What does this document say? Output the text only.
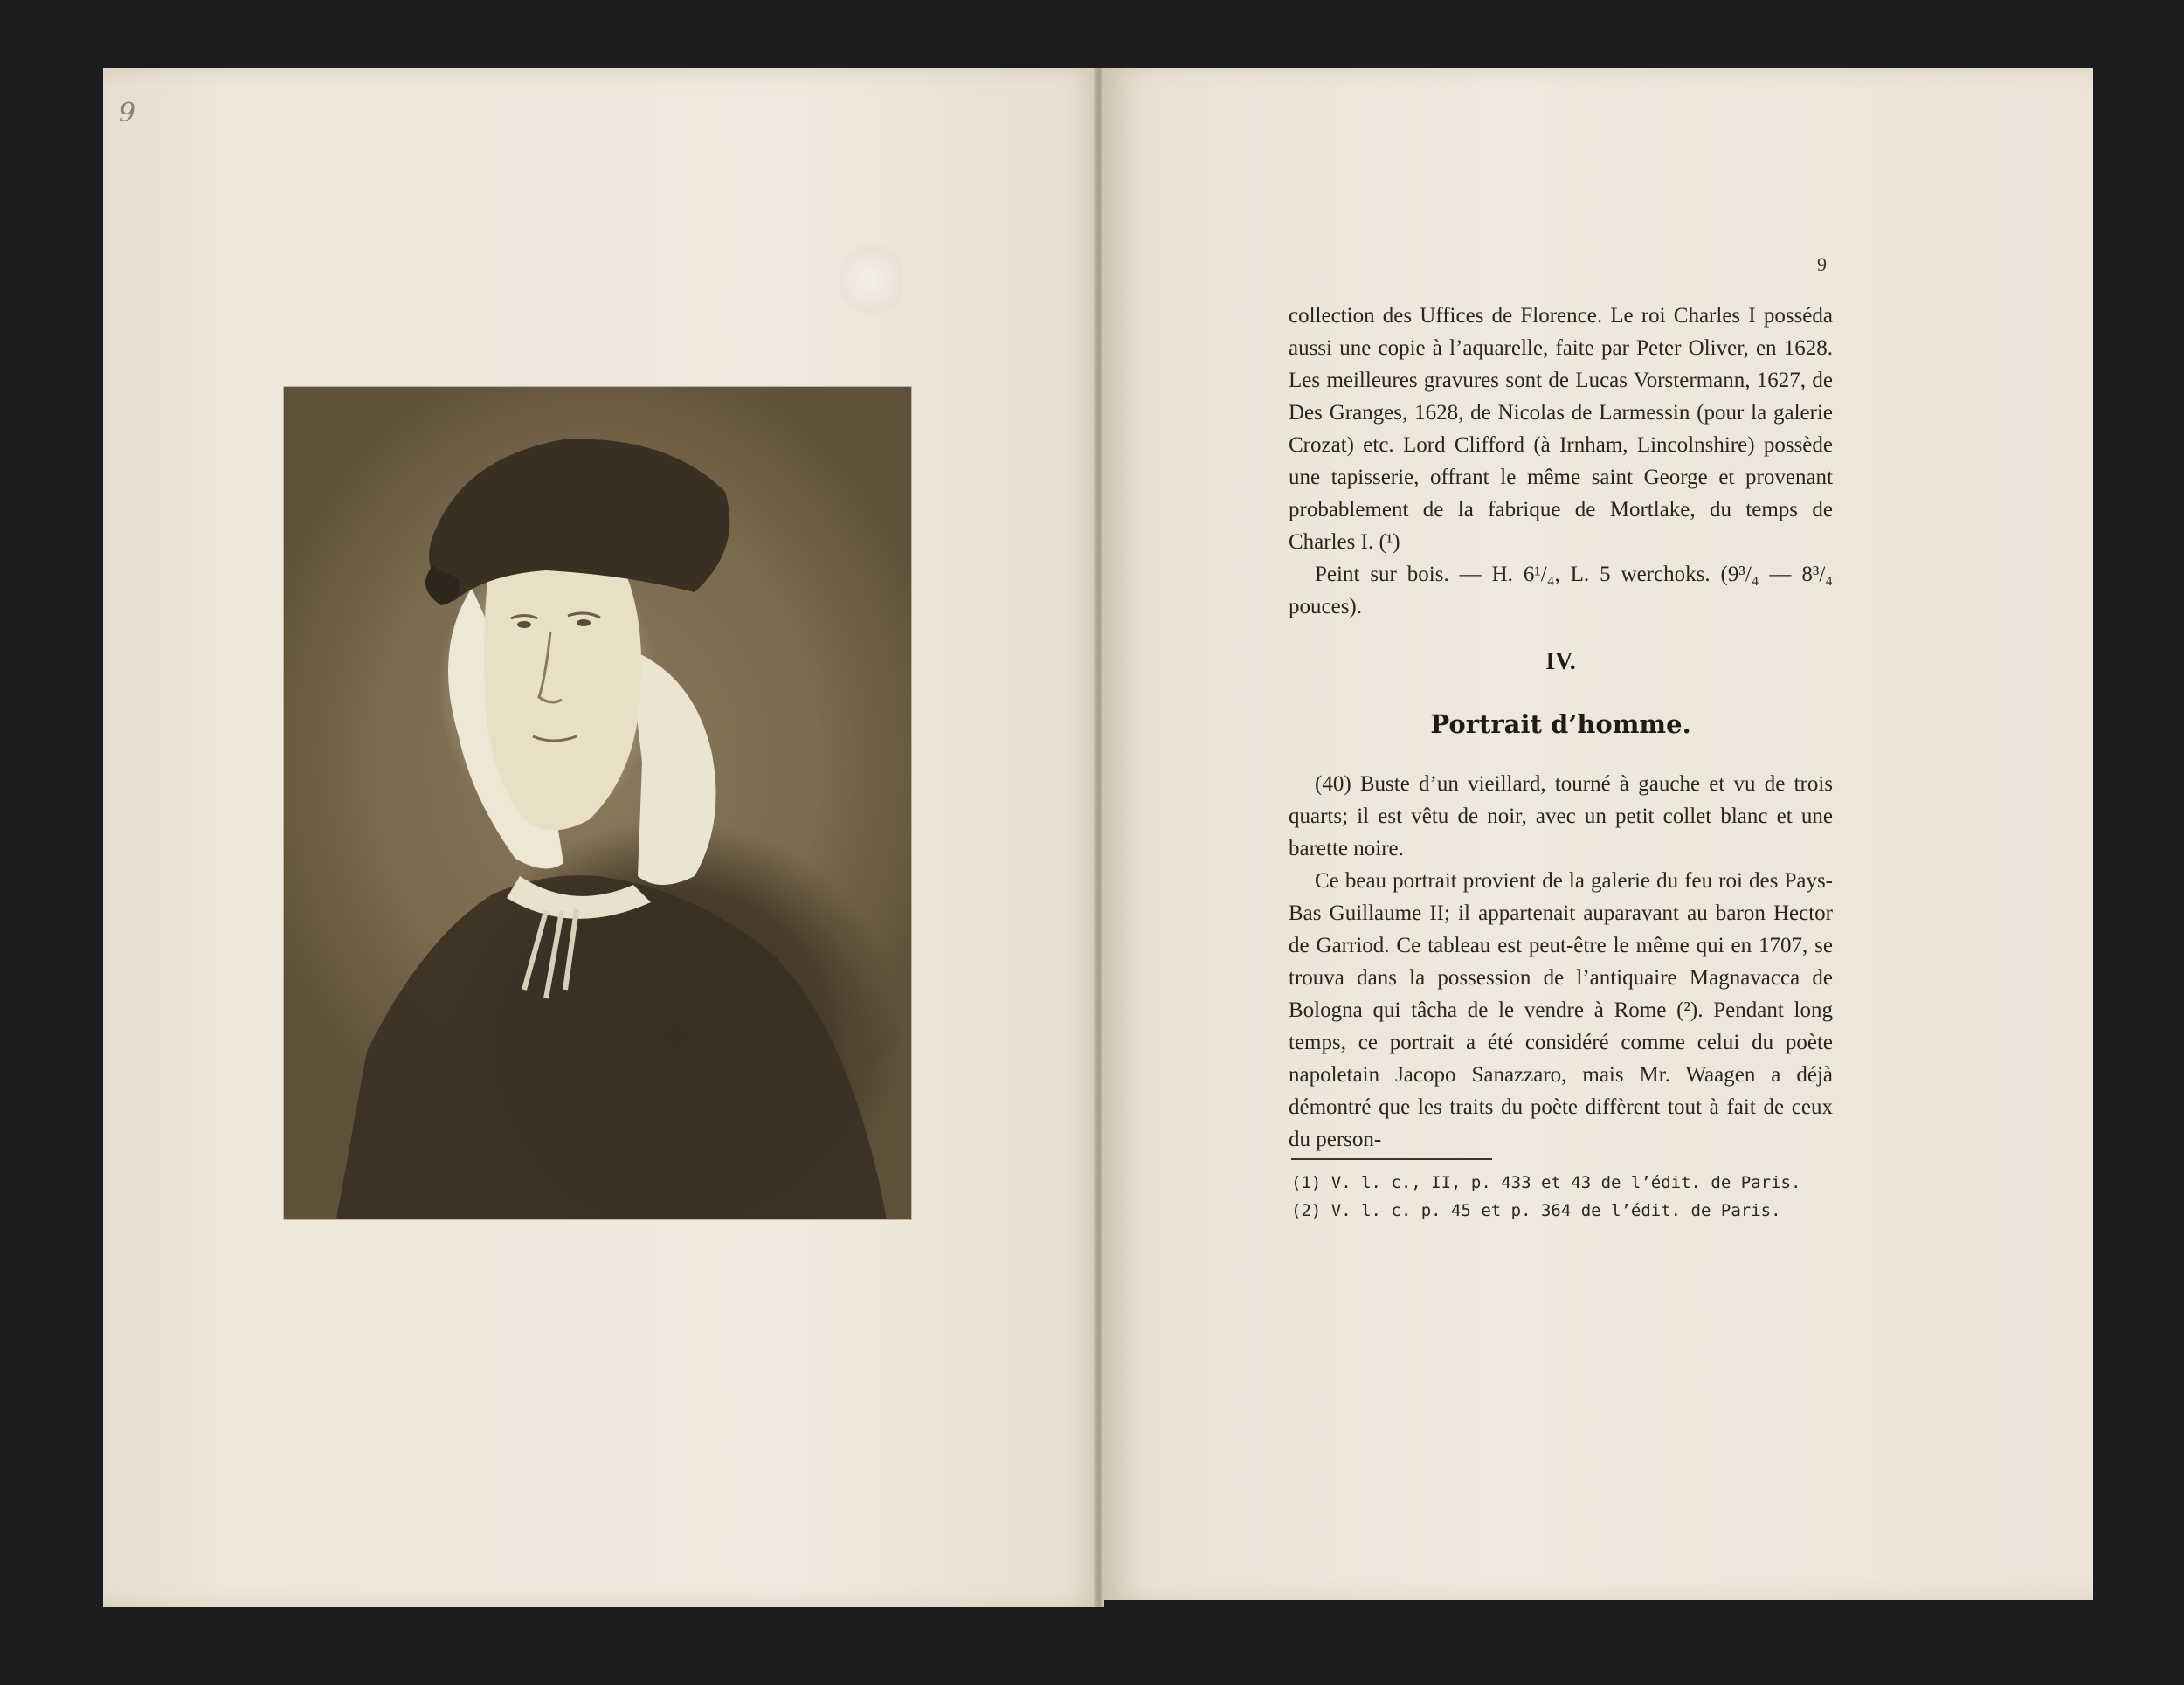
9
9

collection des Uffices de Florence. Le roi Charles I posséda aussi une copie à l’aquarelle, faite par Peter Oliver, en 1628. Les meilleures gravures sont de Lucas Vorstermann, 1627, de Des Granges, 1628, de Nicolas de Larmessin (pour la galerie Crozat) etc. Lord Clifford (à Irnham, Lincolnshire) possède une tapisserie, offrant le même saint George et provenant probablement de la fabrique de Mortlake, du temps de Charles I. (¹)

Peint sur bois. — H. 6¹/₄, L. 5 werchoks. (9³/₄ — 8³/₄ pouces).

IV.
Portrait d’homme.

(40) Buste d’un vieillard, tourné à gauche et vu de trois quarts; il est vêtu de noir, avec un petit collet blanc et une barette noire.

Ce beau portrait provient de la galerie du feu roi des Pays-Bas Guillaume II; il appartenait auparavant au baron Hector de Garriod. Ce tableau est peut-être le même qui en 1707, se trouva dans la possession de l’antiquaire Magnavacca de Bologna qui tâcha de le vendre à Rome (²). Pendant long temps, ce portrait a été considéré comme celui du poète napoletain Jacopo Sanazzaro, mais Mr. Waagen a déjà démontré que les traits du poète diffèrent tout à fait de ceux du person-

(1) V. l. c., II, p. 433 et 43 de l’édit. de Paris.
(2) V. l. c. p. 45 et p. 364 de l’édit. de Paris.
